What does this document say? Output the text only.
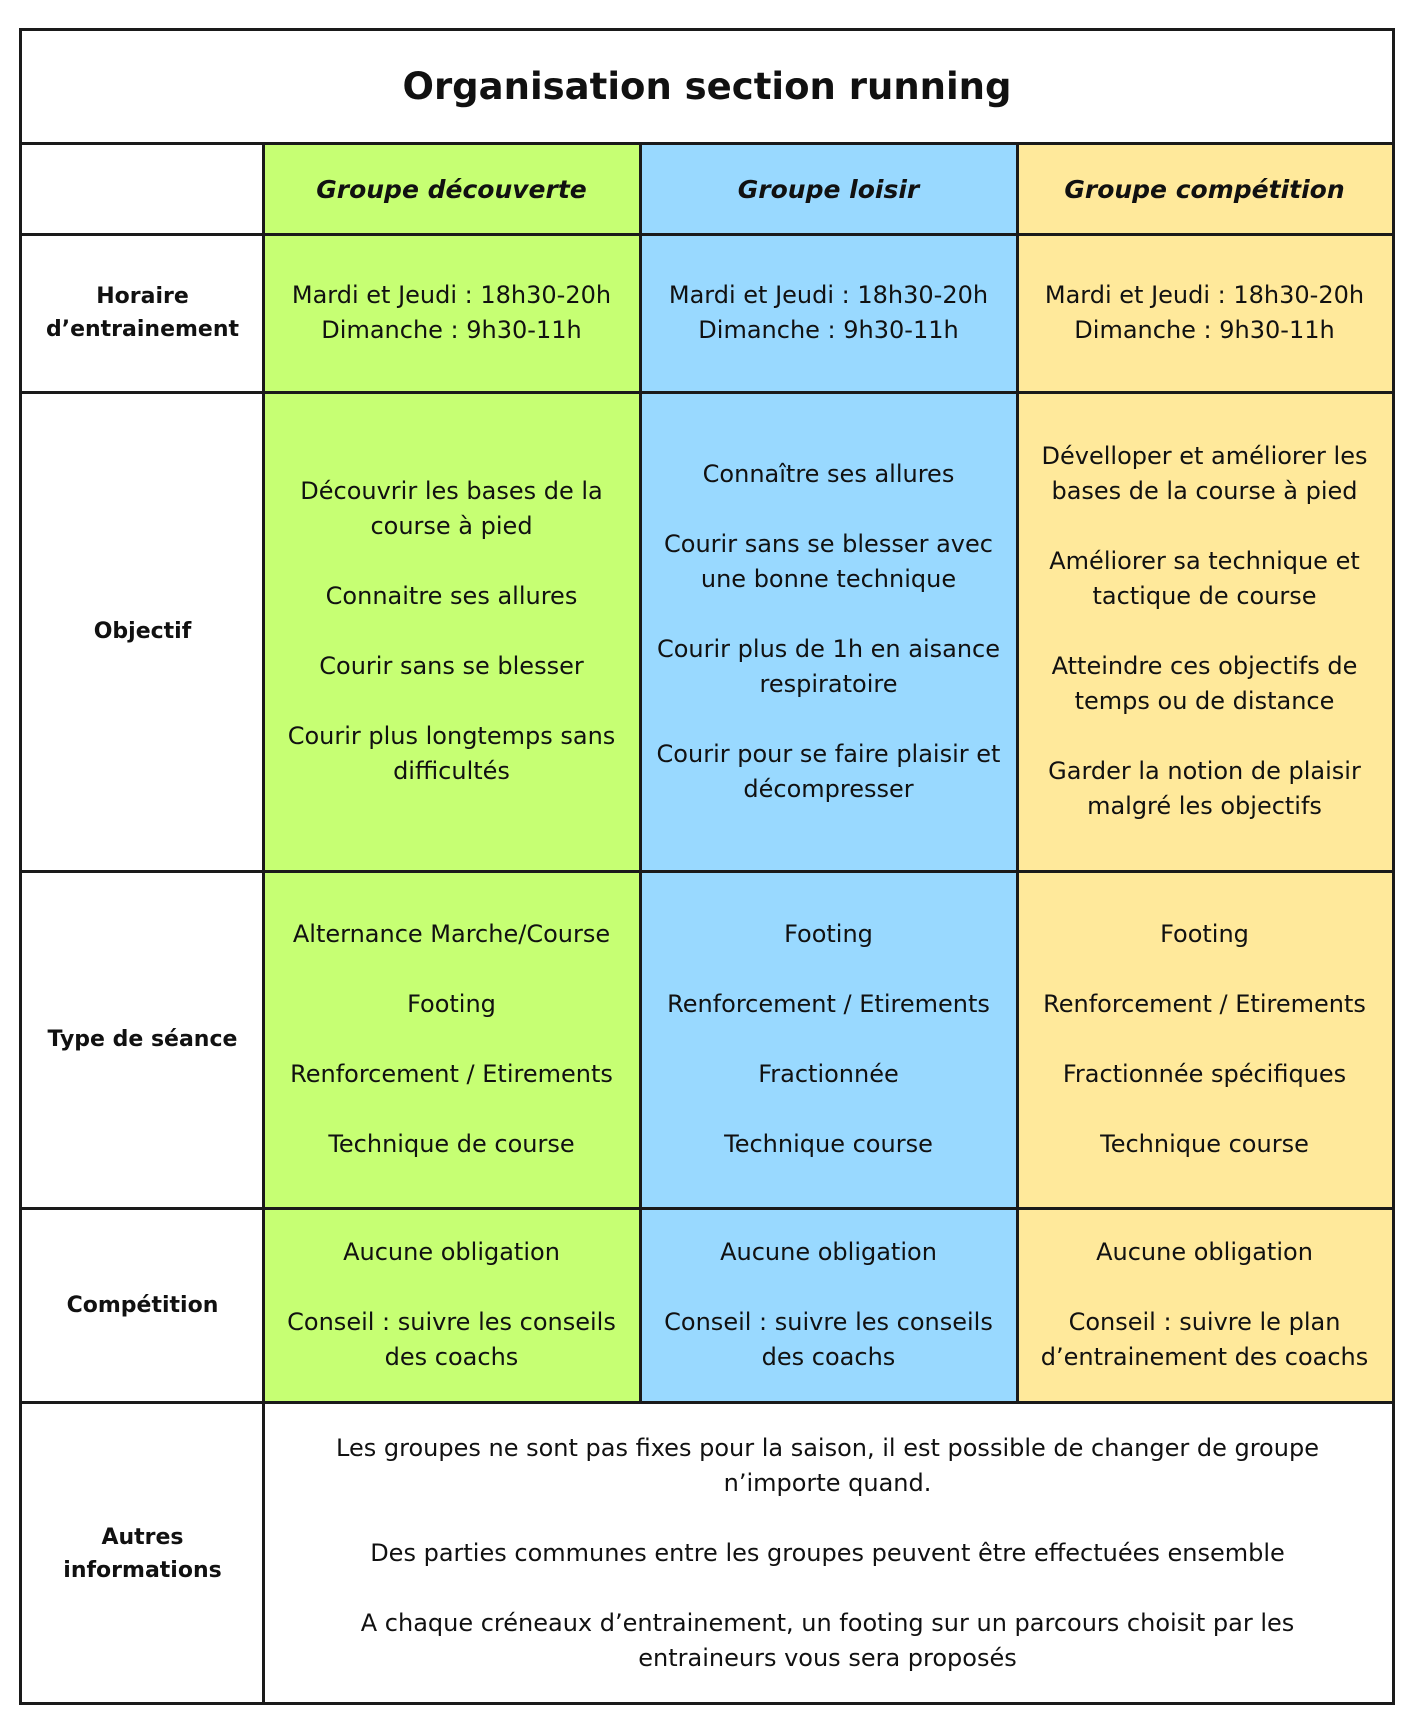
Organisation section running
Groupe découverte	Groupe loisir	Groupe compétition
Horaire d’entrainement
Mardi et Jeudi : 18h30-20h Dimanche : 9h30-11h
Mardi et Jeudi : 18h30-20h Dimanche : 9h30-11h
Mardi et Jeudi : 18h30-20h Dimanche : 9h30-11h
Objectif
Découvrir les bases de la course à pied
Connaitre ses allures
Courir sans se blesser
Courir plus longtemps sans difficultés
Connaître ses allures
Courir sans se blesser avec une bonne technique
Courir plus de 1h en aisance respiratoire
Courir pour se faire plaisir et décompresser
Dévelloper et améliorer les bases de la course à pied
Améliorer sa technique et tactique de course
Atteindre ces objectifs de temps ou de distance
Garder la notion de plaisir malgré les objectifs
Type de séance
Alternance Marche/Course
Footing
Renforcement / Etirements
Technique de course
Footing
Renforcement / Etirements
Fractionnée
Technique course
Footing
Renforcement / Etirements
Fractionnée spécifiques
Technique course
Compétition
Aucune obligation
Conseil : suivre les conseils des coachs
Aucune obligation
Conseil : suivre les conseils des coachs
Aucune obligation
Conseil : suivre le plan d’entrainement des coachs
Autres informations
Les groupes ne sont pas fixes pour la saison, il est possible de changer de groupe n’importe quand.
Des parties communes entre les groupes peuvent être effectuées ensemble
A chaque créneaux d’entrainement, un footing sur un parcours choisit par les entraineurs vous sera proposés
